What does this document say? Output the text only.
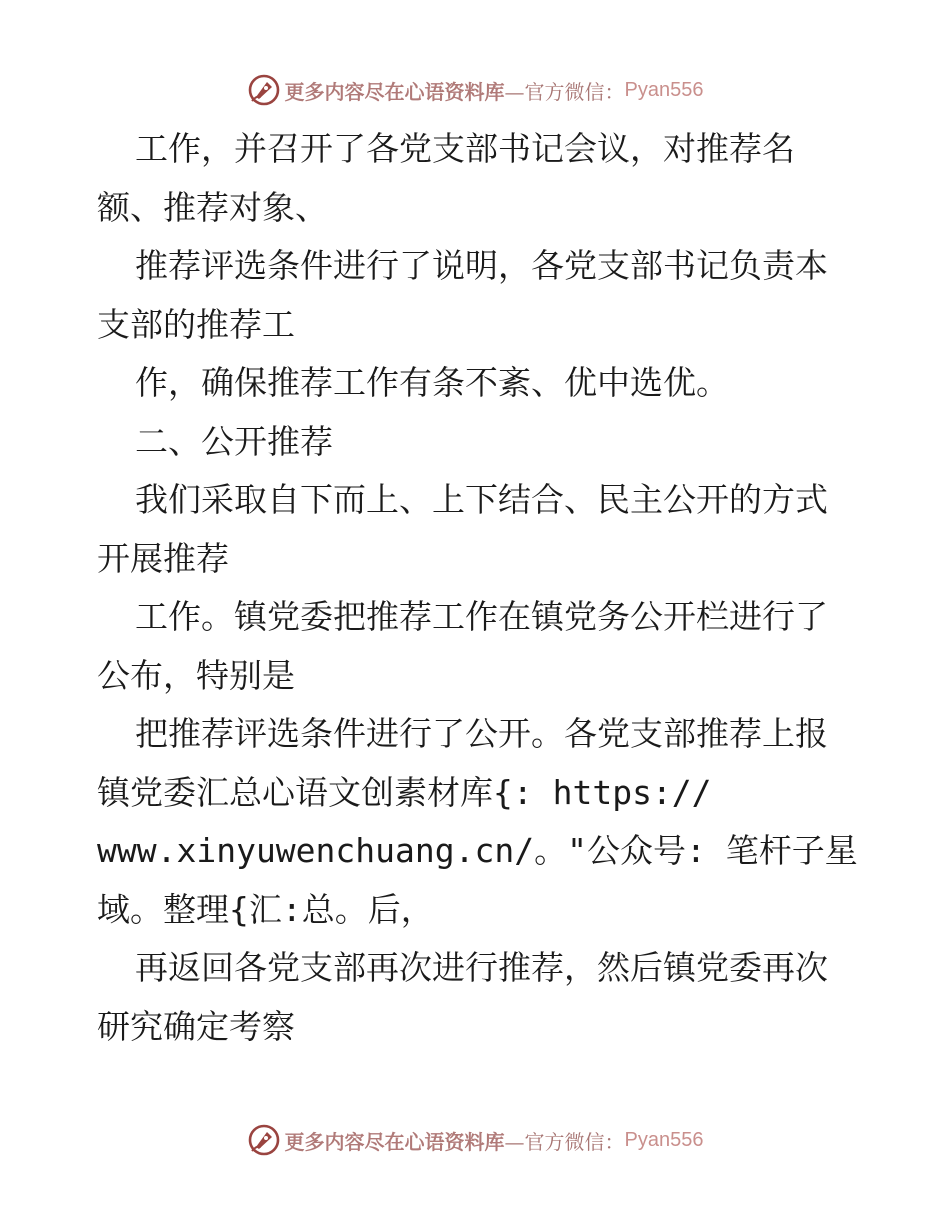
更多内容尽在心语资料库 —官方微信： Pyan556
工作，并召开了各党支部书记会议，对推荐名
额、推荐对象、
推荐评选条件进行了说明，各党支部书记负责本
支部的推荐工
作，确保推荐工作有条不紊、优中选优。
二、公开推荐
我们采取自下而上、上下结合、民主公开的方式
开展推荐
工作。镇党委把推荐工作在镇党务公开栏进行了
公布，特别是
把推荐评选条件进行了公开。各党支部推荐上报
镇党委汇总心语文创素材库{: https://
www.xinyuwenchuang.cn/。"公众号: 笔杆子星
域。整理{汇:总。后，
再返回各党支部再次进行推荐，然后镇党委再次
研究确定考察
更多内容尽在心语资料库 —官方微信： Pyan556
